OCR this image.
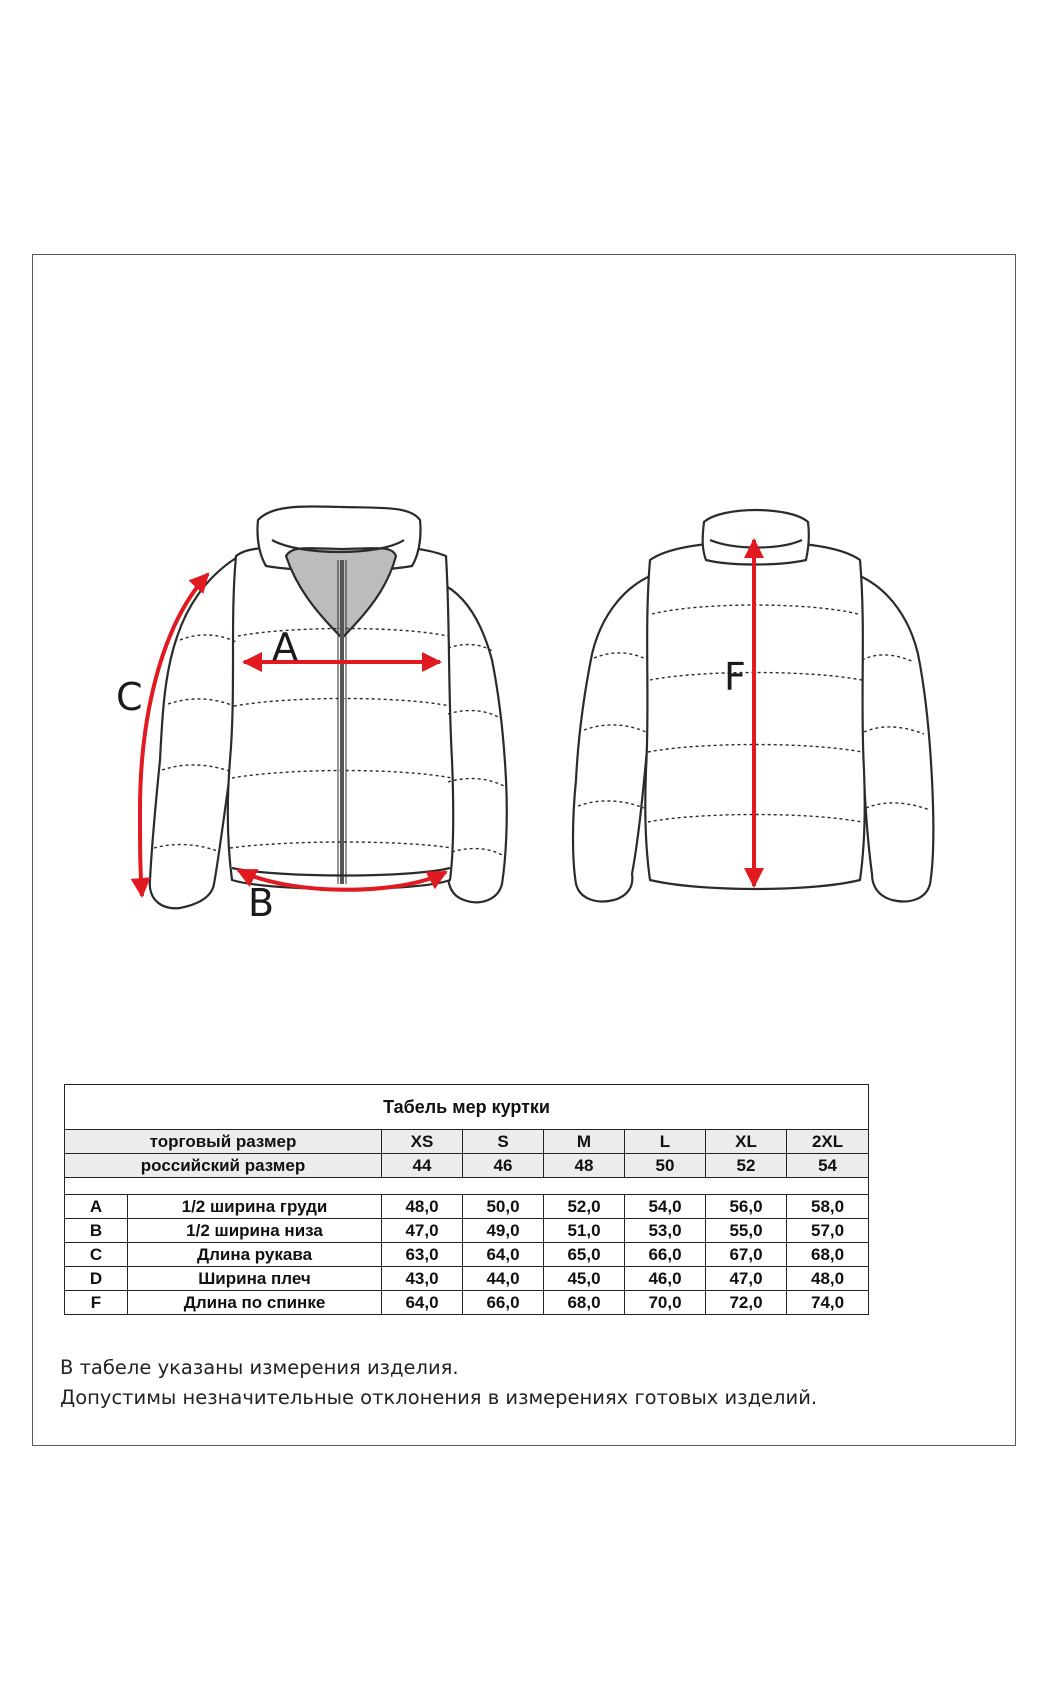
A
B
C	F
Табель мер куртки							
торговый размер		XS	S	M	L	XL	2XL
российский размер		44	46	48	50	52	54

A	1/2 ширина груди	48,0	50,0	52,0	54,0	56,0	58,0
B	1/2 ширина низа	47,0	49,0	51,0	53,0	55,0	57,0
C	Длина рукава	63,0	64,0	65,0	66,0	67,0	68,0
D	Ширина плеч	43,0	44,0	45,0	46,0	47,0	48,0
F	Длина по спинке	64,0	66,0	68,0	70,0	72,0	74,0
В табеле указаны измерения изделия.
Допустимы незначительные отклонения в измерениях готовых изделий.
